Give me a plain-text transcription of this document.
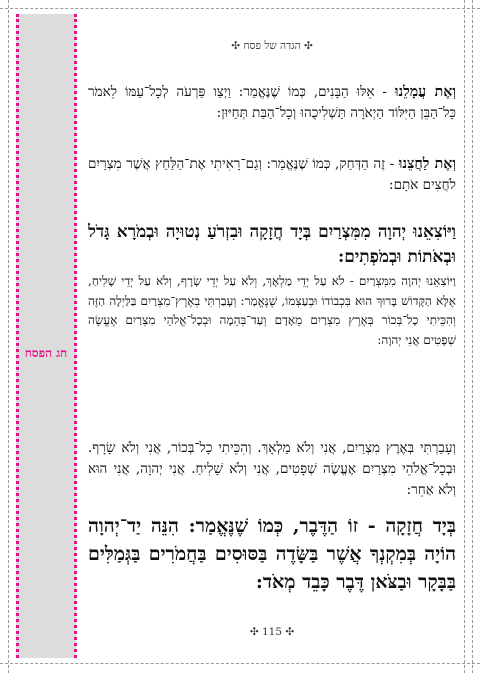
חג הפסח
✣ הגדה של פסח ✣
וְאֶת עֲמָלֵנוּ - אֵלּוּ הַבָּנִים, כְּמוֹ שֶׁנֶּאֱמַר: וַיְצַו פַּרְעֹה לְכָל־עַמּוֹ לֵאמֹר כָּל־הַבֵּן הַיִּלּוֹד הַיְאֹרָה תַּשְׁלִיכֻהוּ וְכָל־הַבַּת תְּחַיּוּן:
וְאֶת לַחֲצֵנוּ - זֶה הַדְּחַק, כְּמוֹ שֶׁנֶּאֱמַר: וְגַם־רָאִיתִי אֶת־הַלַּחַץ אֲשֶׁר מִצְרַיִם לֹחֲצִים אֹתָם:
וַיּוֹצִאֵנוּ יְהוָה מִמִּצְרַיִם בְּיָד חֲזָקָה וּבִזְרֹעַ נְטוּיָה וּבְמֹרָא גָּדֹל וּבְאֹתוֹת וּבְמֹפְתִים:
וַיּוֹצִאֵנוּ יְהוָה מִמִּצְרַיִם - לֹא עַל יְדֵי מַלְאָךְ, וְלֹא עַל יְדֵי שָׂרָף, וְלֹא עַל יְדֵי שָׁלִיחַ, אֶלָּא הַקָּדוֹשׁ בָּרוּךְ הוּא בִּכְבוֹדוֹ וּבְעַצְמוֹ, שֶׁנֶּאֱמַר: וְעָבַרְתִּי בְאֶרֶץ־מִצְרַיִם בַּלַּיְלָה הַזֶּה וְהִכֵּיתִי כָל־בְּכוֹר בְּאֶרֶץ מִצְרַיִם מֵאָדָם וְעַד־בְּהֵמָה וּבְכָל־אֱלֹהֵי מִצְרַיִם אֶעֱשֶׂה שְׁפָטִים אֲנִי יְהוָה:
וְעָבַרְתִּי בְּאֶרֶץ מִצְרַיִם, אֲנִי וְלֹא מַלְאָךְ. וְהִכֵּיתִי כָל־בְּכוֹר, אֲנִי וְלֹא שָׂרָף. וּבְכָל־אֱלֹהֵי מִצְרַיִם אֶעֱשֶׂה שְׁפָטִים, אֲנִי וְלֹא שָׁלִיחַ. אֲנִי יְהוָה, אֲנִי הוּא וְלֹא אַחֵר:
בְּיָד חֲזָקָה - זוֹ הַדֶּבֶר, כְּמוֹ שֶׁנֶּאֱמַר: הִנֵּה יַד־יְהוָה הוֹיָה בְּמִקְנְךָ אֲשֶׁר בַּשָּׂדֶה בַּסּוּסִים בַּחֲמֹרִים בַּגְּמַלִּים בַּבָּקָר וּבַצֹּאן דֶּבֶר כָּבֵד מְאֹד:
✣ 115 ✣
